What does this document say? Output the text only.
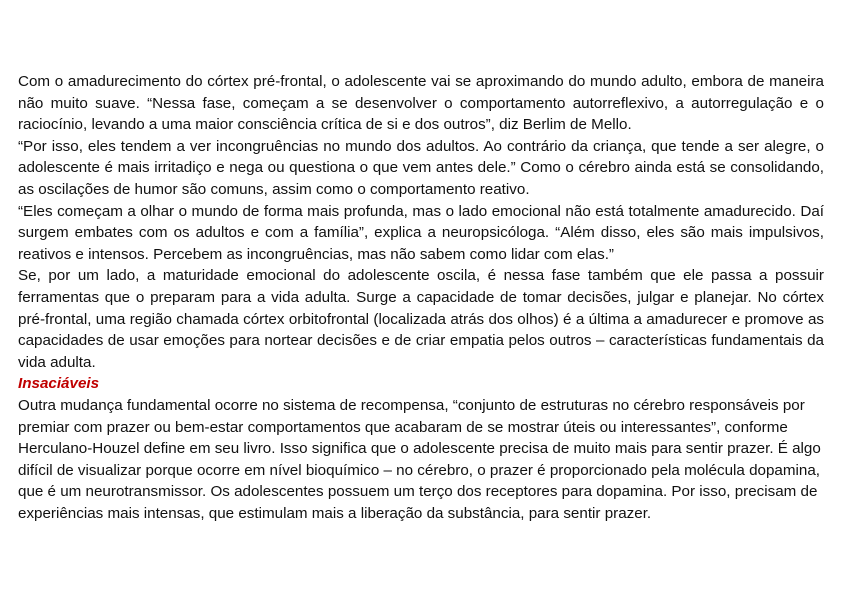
Com o amadurecimento do córtex pré-frontal, o adolescente vai se aproximando do mundo adulto, embora de maneira não muito suave. “Nessa fase, começam a se desenvolver o comportamento autorreflexivo, a autorregulação e o raciocínio, levando a uma maior consciência crítica de si e dos outros”, diz Berlim de Mello.

“Por isso, eles tendem a ver incongruências no mundo dos adultos. Ao contrário da criança, que tende a ser alegre, o adolescente é mais irritadiço e nega ou questiona o que vem antes dele.” Como o cérebro ainda está se consolidando, as oscilações de humor são comuns, assim como o comportamento reativo.

“Eles começam a olhar o mundo de forma mais profunda, mas o lado emocional não está totalmente amadurecido. Daí surgem embates com os adultos e com a família”, explica a neuropsicóloga. “Além disso, eles são mais impulsivos, reativos e intensos. Percebem as incongruências, mas não sabem como lidar com elas.”

Se, por um lado, a maturidade emocional do adolescente oscila, é nessa fase também que ele passa a possuir ferramentas que o preparam para a vida adulta. Surge a capacidade de tomar decisões, julgar e planejar. No córtex pré-frontal, uma região chamada córtex orbitofrontal (localizada atrás dos olhos) é a última a amadurecer e promove as capacidades de usar emoções para nortear decisões e de criar empatia pelos outros – características fundamentais da vida adulta.

Insaciáveis

Outra mudança fundamental ocorre no sistema de recompensa, “conjunto de estruturas no cérebro responsáveis por premiar com prazer ou bem-estar comportamentos que acabaram de se mostrar úteis ou interessantes”, conforme Herculano-Houzel define em seu livro. Isso significa que o adolescente precisa de muito mais para sentir prazer. É algo difícil de visualizar porque ocorre em nível bioquímico – no cérebro, o prazer é proporcionado pela molécula dopamina, que é um neurotransmissor. Os adolescentes possuem um terço dos receptores para dopamina. Por isso, precisam de experiências mais intensas, que estimulam mais a liberação da substância, para sentir prazer.
